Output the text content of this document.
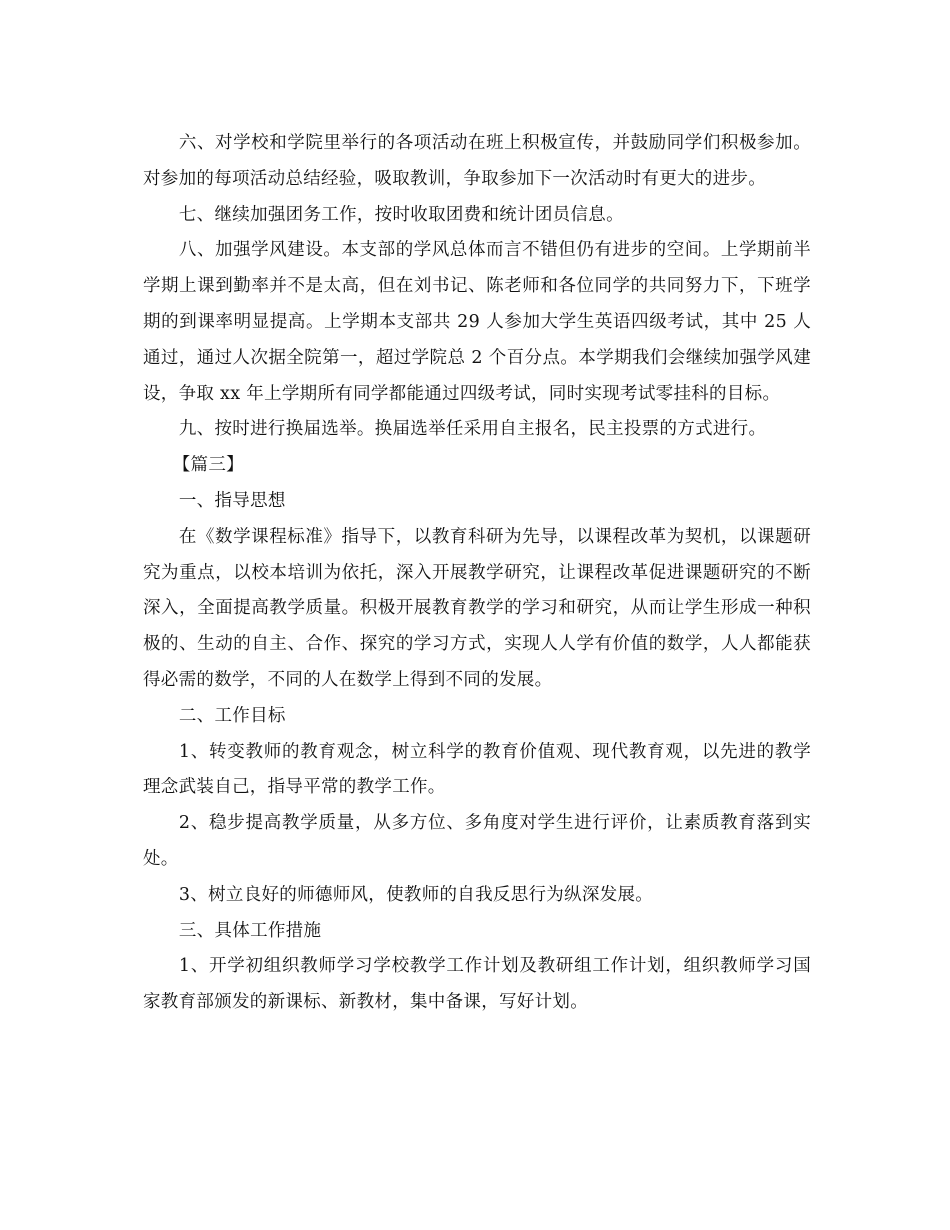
六、对学校和学院里举行的各项活动在班上积极宣传，并鼓励同学们积极参加。对参加的每项活动总结经验，吸取教训，争取参加下一次活动时有更大的进步。

七、继续加强团务工作，按时收取团费和统计团员信息。

八、加强学风建设。本支部的学风总体而言不错但仍有进步的空间。上学期前半学期上课到勤率并不是太高，但在刘书记、陈老师和各位同学的共同努力下，下班学期的到课率明显提高。上学期本支部共 29 人参加大学生英语四级考试，其中 25 人通过，通过人次据全院第一，超过学院总 2 个百分点。本学期我们会继续加强学风建设，争取 xx 年上学期所有同学都能通过四级考试，同时实现考试零挂科的目标。

九、按时进行换届选举。换届选举任采用自主报名，民主投票的方式进行。

【篇三】

一、指导思想

在《数学课程标准》指导下，以教育科研为先导，以课程改革为契机，以课题研究为重点，以校本培训为依托，深入开展教学研究，让课程改革促进课题研究的不断深入，全面提高教学质量。积极开展教育教学的学习和研究，从而让学生形成一种积极的、生动的自主、合作、探究的学习方式，实现人人学有价值的数学，人人都能获得必需的数学，不同的人在数学上得到不同的发展。

二、工作目标

1、转变教师的教育观念，树立科学的教育价值观、现代教育观，以先进的教学理念武装自己，指导平常的教学工作。

2、稳步提高教学质量，从多方位、多角度对学生进行评价，让素质教育落到实处。

3、树立良好的师德师风，使教师的自我反思行为纵深发展。

三、具体工作措施

1、开学初组织教师学习学校教学工作计划及教研组工作计划，组织教师学习国家教育部颁发的新课标、新教材，集中备课，写好计划。
